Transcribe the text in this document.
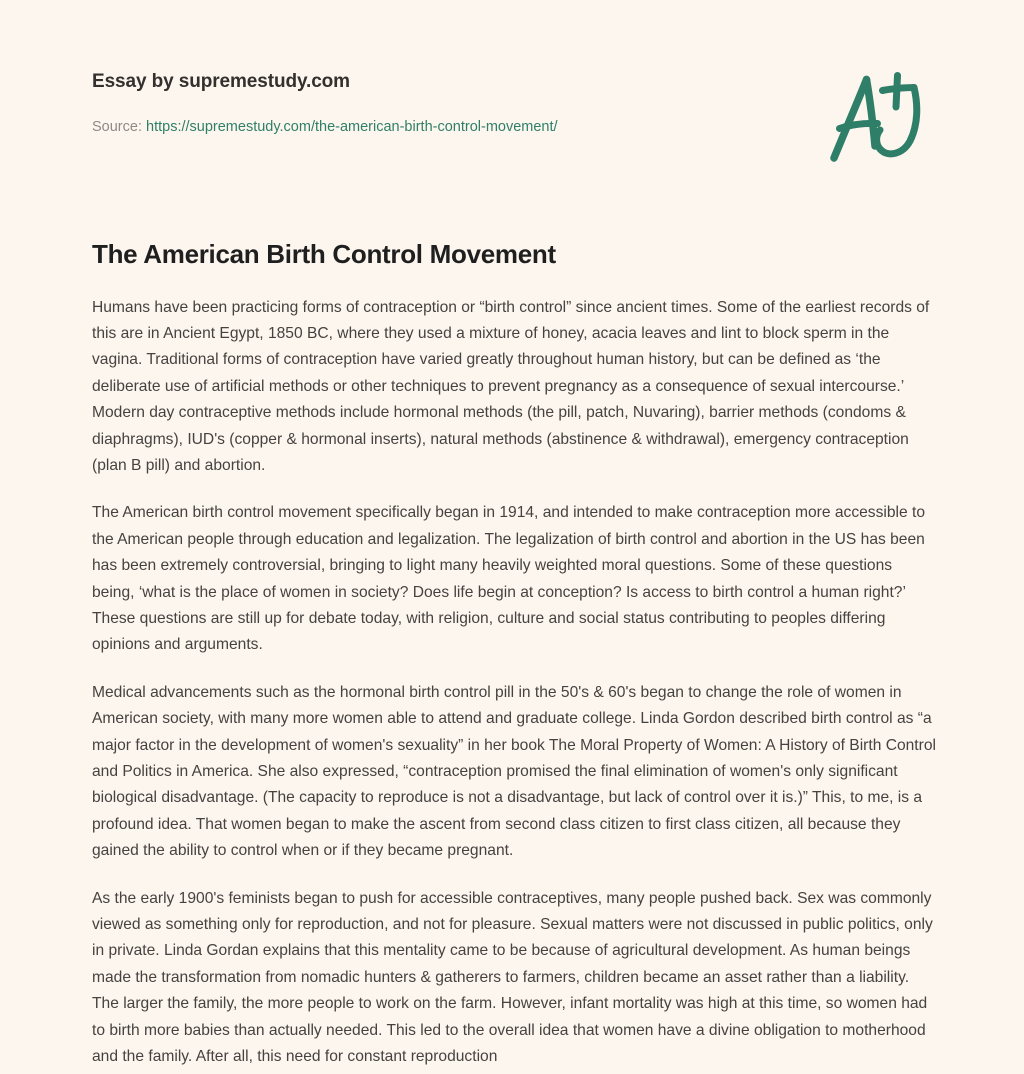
Essay by supremestudy.com
Source: https://supremestudy.com/the-american-birth-control-movement/
The American Birth Control Movement

Humans have been practicing forms of contraception or “birth control” since ancient times. Some of the earliest records of this are in Ancient Egypt, 1850 BC, where they used a mixture of honey, acacia leaves and lint to block sperm in the vagina. Traditional forms of contraception have varied greatly throughout human history, but can be defined as ‘the deliberate use of artificial methods or other techniques to prevent pregnancy as a consequence of sexual intercourse.’ Modern day contraceptive methods include hormonal methods (the pill, patch, Nuvaring), barrier methods (condoms & diaphragms), IUD's (copper & hormonal inserts), natural methods (abstinence & withdrawal), emergency contraception (plan B pill) and abortion.

The American birth control movement specifically began in 1914, and intended to make contraception more accessible to the American people through education and legalization. The legalization of birth control and abortion in the US has been has been extremely controversial, bringing to light many heavily weighted moral questions. Some of these questions being, ‘what is the place of women in society? Does life begin at conception? Is access to birth control a human right?’ These questions are still up for debate today, with religion, culture and social status contributing to peoples differing opinions and arguments.

Medical advancements such as the hormonal birth control pill in the 50's & 60's began to change the role of women in American society, with many more women able to attend and graduate college. Linda Gordon described birth control as “a major factor in the development of women's sexuality” in her book The Moral Property of Women: A History of Birth Control and Politics in America. She also expressed, “contraception promised the final elimination of women's only significant biological disadvantage. (The capacity to reproduce is not a disadvantage, but lack of control over it is.)” This, to me, is a profound idea. That women began to make the ascent from second class citizen to first class citizen, all because they gained the ability to control when or if they became pregnant.

As the early 1900's feminists began to push for accessible contraceptives, many people pushed back. Sex was commonly viewed as something only for reproduction, and not for pleasure. Sexual matters were not discussed in public politics, only in private. Linda Gordan explains that this mentality came to be because of agricultural development. As human beings made the transformation from nomadic hunters & gatherers to farmers, children became an asset rather than a liability. The larger the family, the more people to work on the farm. However, infant mortality was high at this time, so women had to birth more babies than actually needed. This led to the overall idea that women have a divine obligation to motherhood and the family. After all, this need for constant reproduction
